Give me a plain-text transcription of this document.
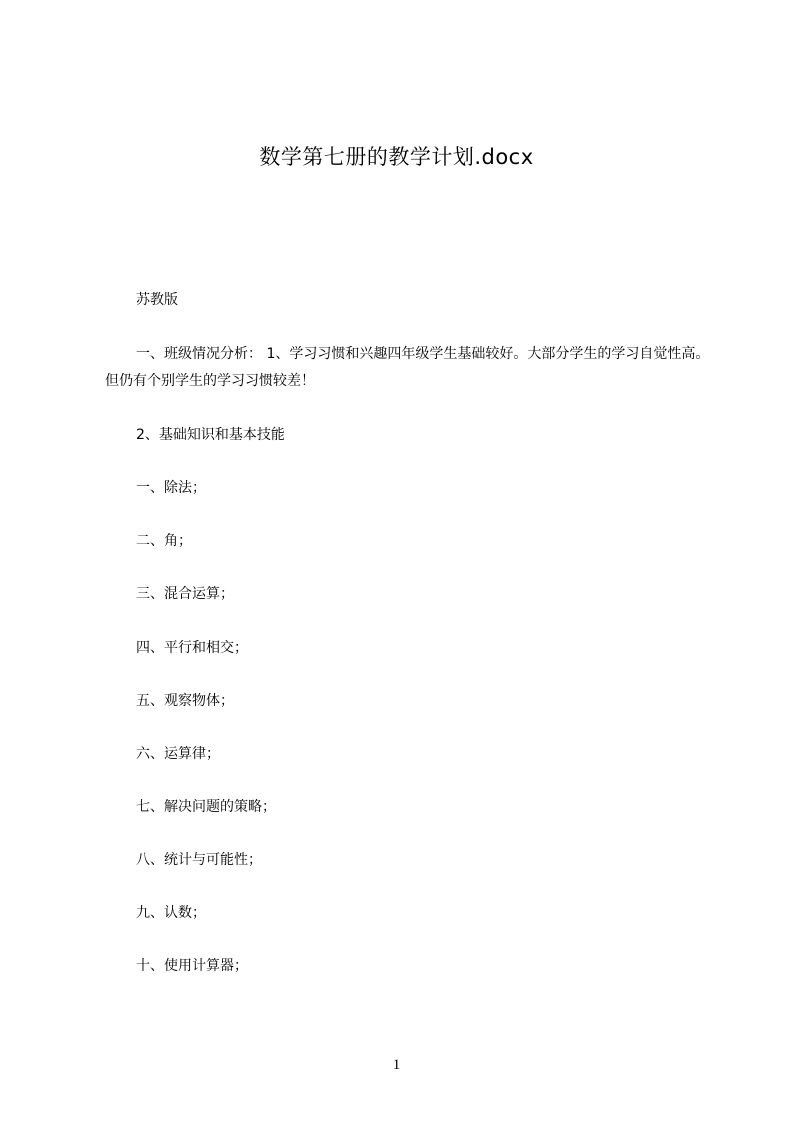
数学第七册的教学计划.docx
苏教版
一、班级情况分析： 1、学习习惯和兴趣四年级学生基础较好。大部分学生的学习自觉性高。但仍有个别学生的学习习惯较差！
2、基础知识和基本技能
一、除法；
二、角；
三、混合运算；
四、平行和相交；
五、观察物体；
六、运算律；
七、解决问题的策略；
八、统计与可能性；
九、认数；
十、使用计算器；
1
